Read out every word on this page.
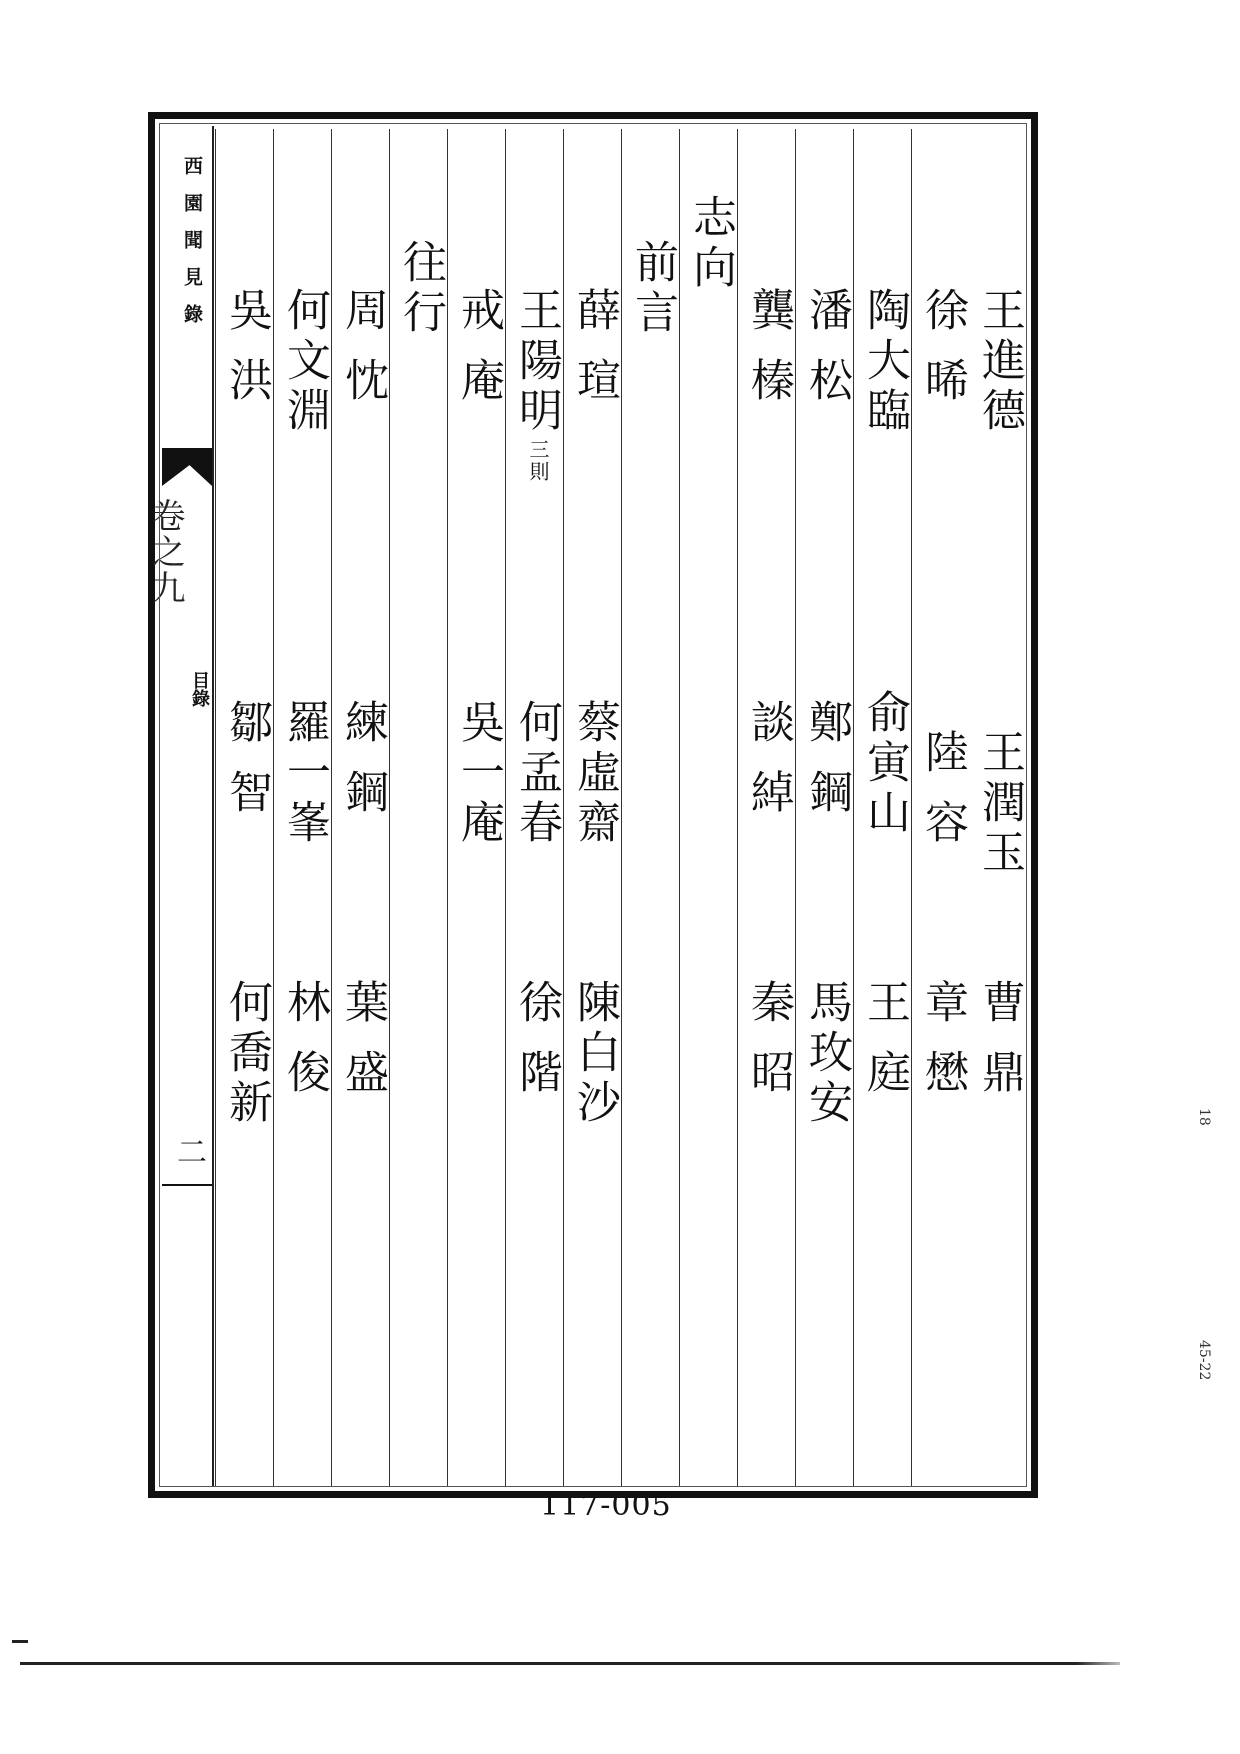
王進德
王潤玉
曹 鼎
徐 晞
陸 容
章 懋
陶大臨
俞寅山
王 庭
潘 松
鄭 鋼
馬玫安
龔 榛
談 綽
秦 昭
志向
前言
薛 瑄
蔡虛齋
陳白沙
王陽明
三則
何孟春
徐 階
戒 庵
吳一庵
往行
周 忱
練 鋼
葉 盛
何文淵
羅一峯
林 俊
吳 洪
鄒 智
何喬新
西園聞見錄
卷之九
目錄
二
117-005
18
45-22
